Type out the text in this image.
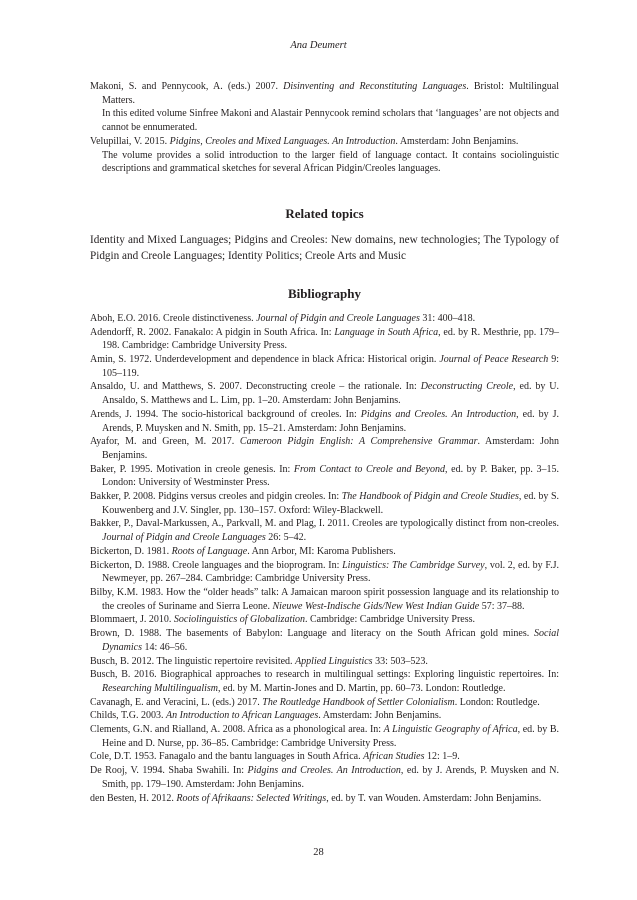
Ana Deumert

Makoni, S. and Pennycook, A. (eds.) 2007. Disinventing and Reconstituting Languages. Bristol: Multilingual Matters.

In this edited volume Sinfree Makoni and Alastair Pennycook remind scholars that ‘languages’ are not objects and cannot be ennumerated.

Velupillai, V. 2015. Pidgins, Creoles and Mixed Languages. An Introduction. Amsterdam: John Benjamins.

The volume provides a solid introduction to the larger field of language contact. It contains sociolinguistic descriptions and grammatical sketches for several African Pidgin/Creoles languages.

Related topics

Identity and Mixed Languages; Pidgins and Creoles: New domains, new technologies; The Typology of Pidgin and Creole Languages; Identity Politics; Creole Arts and Music

Bibliography

Aboh, E.O. 2016. Creole distinctiveness. Journal of Pidgin and Creole Languages 31: 400–418.

Adendorff, R. 2002. Fanakalo: A pidgin in South Africa. In: Language in South Africa, ed. by R. Mesthrie, pp. 179–198. Cambridge: Cambridge University Press.

Amin, S. 1972. Underdevelopment and dependence in black Africa: Historical origin. Journal of Peace Research 9: 105–119.

Ansaldo, U. and Matthews, S. 2007. Deconstructing creole – the rationale. In: Deconstructing Creole, ed. by U. Ansaldo, S. Matthews and L. Lim, pp. 1–20. Amsterdam: John Benjamins.

Arends, J. 1994. The socio-historical background of creoles. In: Pidgins and Creoles. An Introduction, ed. by J. Arends, P. Muysken and N. Smith, pp. 15–21. Amsterdam: John Benjamins.

Ayafor, M. and Green, M. 2017. Cameroon Pidgin English: A Comprehensive Grammar. Amsterdam: John Benjamins.

Baker, P. 1995. Motivation in creole genesis. In: From Contact to Creole and Beyond, ed. by P. Baker, pp. 3–15. London: University of Westminster Press.

Bakker, P. 2008. Pidgins versus creoles and pidgin creoles. In: The Handbook of Pidgin and Creole Studies, ed. by S. Kouwenberg and J.V. Singler, pp. 130–157. Oxford: Wiley-Blackwell.

Bakker, P., Daval-Markussen, A., Parkvall, M. and Plag, I. 2011. Creoles are typologically distinct from non-creoles. Journal of Pidgin and Creole Languages 26: 5–42.

Bickerton, D. 1981. Roots of Language. Ann Arbor, MI: Karoma Publishers.

Bickerton, D. 1988. Creole languages and the bioprogram. In: Linguistics: The Cambridge Survey, vol. 2, ed. by F.J. Newmeyer, pp. 267–284. Cambridge: Cambridge University Press.

Bilby, K.M. 1983. How the “older heads” talk: A Jamaican maroon spirit possession language and its relationship to the creoles of Suriname and Sierra Leone. Nieuwe West-Indische Gids/New West Indian Guide 57: 37–88.

Blommaert, J. 2010. Sociolinguistics of Globalization. Cambridge: Cambridge University Press.

Brown, D. 1988. The basements of Babylon: Language and literacy on the South African gold mines. Social Dynamics 14: 46–56.

Busch, B. 2012. The linguistic repertoire revisited. Applied Linguistics 33: 503–523.

Busch, B. 2016. Biographical approaches to research in multilingual settings: Exploring linguistic repertoires. In: Researching Multilingualism, ed. by M. Martin-Jones and D. Martin, pp. 60–73. London: Routledge.

Cavanagh, E. and Veracini, L. (eds.) 2017. The Routledge Handbook of Settler Colonialism. London: Routledge.

Childs, T.G. 2003. An Introduction to African Languages. Amsterdam: John Benjamins.

Clements, G.N. and Rialland, A. 2008. Africa as a phonological area. In: A Linguistic Geography of Africa, ed. by B. Heine and D. Nurse, pp. 36–85. Cambridge: Cambridge University Press.

Cole, D.T. 1953. Fanagalo and the bantu languages in South Africa. African Studies 12: 1–9.

De Rooj, V. 1994. Shaba Swahili. In: Pidgins and Creoles. An Introduction, ed. by J. Arends, P. Muysken and N. Smith, pp. 179–190. Amsterdam: John Benjamins.

den Besten, H. 2012. Roots of Afrikaans: Selected Writings, ed. by T. van Wouden. Amsterdam: John Benjamins.

28
